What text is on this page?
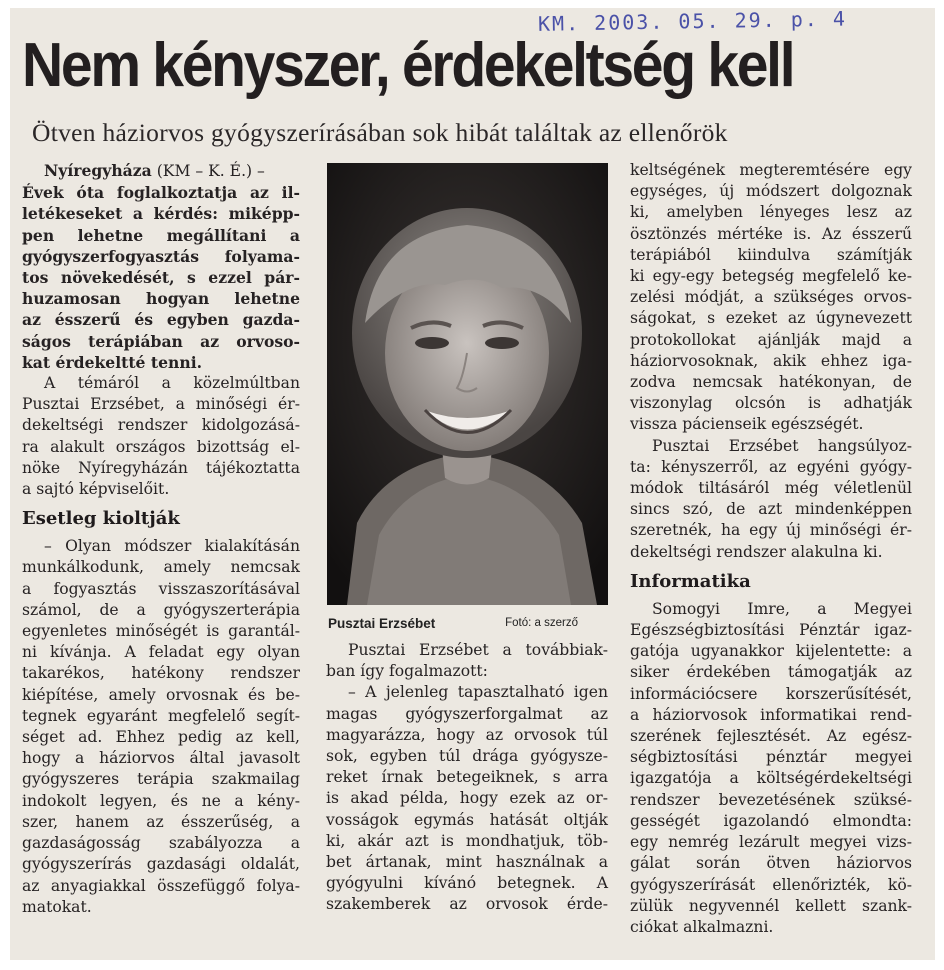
KM. 2003. 05. 29. p. 4
Nem kényszer, érdekeltség kell
Ötven háziorvos gyógyszerírásában sok hibát találtak az ellenőrök
Nyíregyháza (KM – K. É.) –

Évek óta foglalkoztatja az il-

letékeseket a kérdés: miképp-

pen lehetne megállítani a

gyógyszerfogyasztás folyama-

tos növekedését, s ezzel pár-

huzamosan hogyan lehetne

az ésszerű és egyben gazda-

ságos terápiában az orvoso-

kat érdekeltté tenni.

A témáról a közelmúltban

Pusztai Erzsébet, a minőségi ér-

dekeltségi rendszer kidolgozásá-

ra alakult országos bizottság el-

nöke Nyíregyházán tájékoztatta

a sajtó képviselőit.

Esetleg kioltják

– Olyan módszer kialakításán

munkálkodunk, amely nemcsak

a fogyasztás visszaszorításával

számol, de a gyógyszerterápia

egyenletes minőségét is garantál-

ni kívánja. A feladat egy olyan

takarékos, hatékony rendszer

kiépítése, amely orvosnak és be-

tegnek egyaránt megfelelő segít-

séget ad. Ehhez pedig az kell,

hogy a háziorvos által javasolt

gyógyszeres terápia szakmailag

indokolt legyen, és ne a kény-

szer, hanem az ésszerűség, a

gazdaságosság szabályozza a

gyógyszerírás gazdasági oldalát,

az anyagiakkal összefüggő folya-

matokat.

Pusztai Erzsébet	Fotó: a szerző

Pusztai Erzsébet a továbbiak-

ban így fogalmazott:

– A jelenleg tapasztalható igen

magas gyógyszerforgalmat az

magyarázza, hogy az orvosok túl

sok, egyben túl drága gyógysze-

reket írnak betegeiknek, s arra

is akad példa, hogy ezek az or-

vosságok egymás hatását oltják

ki, akár azt is mondhatjuk, töb-

bet ártanak, mint használnak a

gyógyulni kívánó betegnek. A

szakemberek az orvosok érde-

keltségének megteremtésére egy

egységes, új módszert dolgoznak

ki, amelyben lényeges lesz az

ösztönzés mértéke is. Az ésszerű

terápiából kiindulva számítják

ki egy-egy betegség megfelelő ke-

zelési módját, a szükséges orvos-

ságokat, s ezeket az úgynevezett

protokollokat ajánlják majd a

háziorvosoknak, akik ehhez iga-

zodva nemcsak hatékonyan, de

viszonylag olcsón is adhatják

vissza pácienseik egészségét.

Pusztai Erzsébet hangsúlyoz-

ta: kényszerről, az egyéni gyógy-

módok tiltásáról még véletlenül

sincs szó, de azt mindenképpen

szeretnék, ha egy új minőségi ér-

dekeltségi rendszer alakulna ki.

Informatika

Somogyi Imre, a Megyei

Egészségbiztosítási Pénztár igaz-

gatója ugyanakkor kijelentette: a

siker érdekében támogatják az

információcsere korszerűsítését,

a háziorvosok informatikai rend-

szerének fejlesztését. Az egész-

ségbiztosítási pénztár megyei

igazgatója a költségérdekeltségi

rendszer bevezetésének szüksé-

gességét igazolandó elmondta:

egy nemrég lezárult megyei vizs-

gálat során ötven háziorvos

gyógyszerírását ellenőrizték, kö-

zülük negyvennél kellett szank-

ciókat alkalmazni.
